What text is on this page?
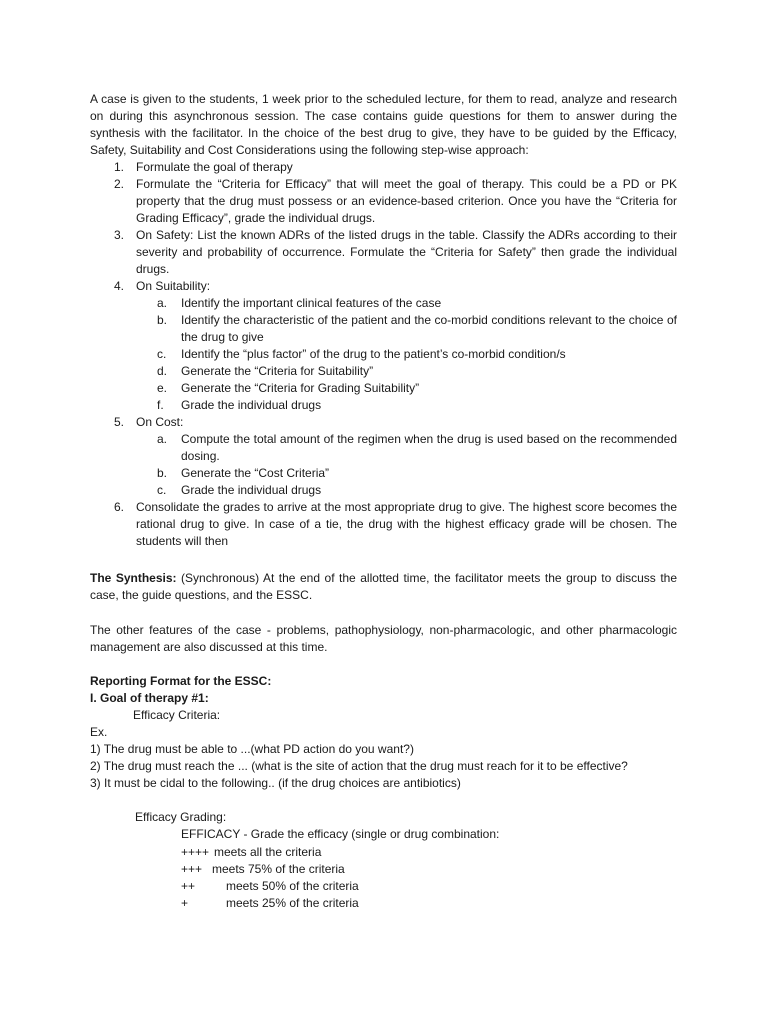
A case is given to the students, 1 week prior to the scheduled lecture, for them to read, analyze and research on during this asynchronous session. The case contains guide questions for them to answer during the synthesis with the facilitator. In the choice of the best drug to give, they have to be guided by the Efficacy, Safety, Suitability and Cost Considerations using the following step-wise approach:
1. Formulate the goal of therapy
2. Formulate the “Criteria for Efficacy” that will meet the goal of therapy. This could be a PD or PK property that the drug must possess or an evidence-based criterion. Once you have the “Criteria for Grading Efficacy”, grade the individual drugs.
3. On Safety: List the known ADRs of the listed drugs in the table. Classify the ADRs according to their severity and probability of occurrence. Formulate the “Criteria for Safety” then grade the individual drugs.
4. On Suitability:
a. Identify the important clinical features of the case
b. Identify the characteristic of the patient and the co-morbid conditions relevant to the choice of the drug to give
c. Identify the “plus factor” of the drug to the patient’s co-morbid condition/s
d. Generate the “Criteria for Suitability”
e. Generate the “Criteria for Grading Suitability”
f. Grade the individual drugs
5. On Cost:
a. Compute the total amount of the regimen when the drug is used based on the recommended dosing.
b. Generate the “Cost Criteria”
c. Grade the individual drugs
6. Consolidate the grades to arrive at the most appropriate drug to give. The highest score becomes the rational drug to give. In case of a tie, the drug with the highest efficacy grade will be chosen. The students will then
The Synthesis: (Synchronous) At the end of the allotted time, the facilitator meets the group to discuss the case, the guide questions, and the ESSC.
The other features of the case - problems, pathophysiology, non-pharmacologic, and other pharmacologic management are also discussed at this time.
Reporting Format for the ESSC:
I. Goal of therapy #1:
Efficacy Criteria:
Ex.
1) The drug must be able to ...(what PD action do you want?)
2) The drug must reach the ... (what is the site of action that the drug must reach for it to be effective?
3) It must be cidal to the following.. (if the drug choices are antibiotics)
Efficacy Grading:
EFFICACY - Grade the efficacy (single or drug combination:
++++ meets all the criteria
+++ meets 75% of the criteria
++	meets 50% of the criteria
+	meets 25% of the criteria
